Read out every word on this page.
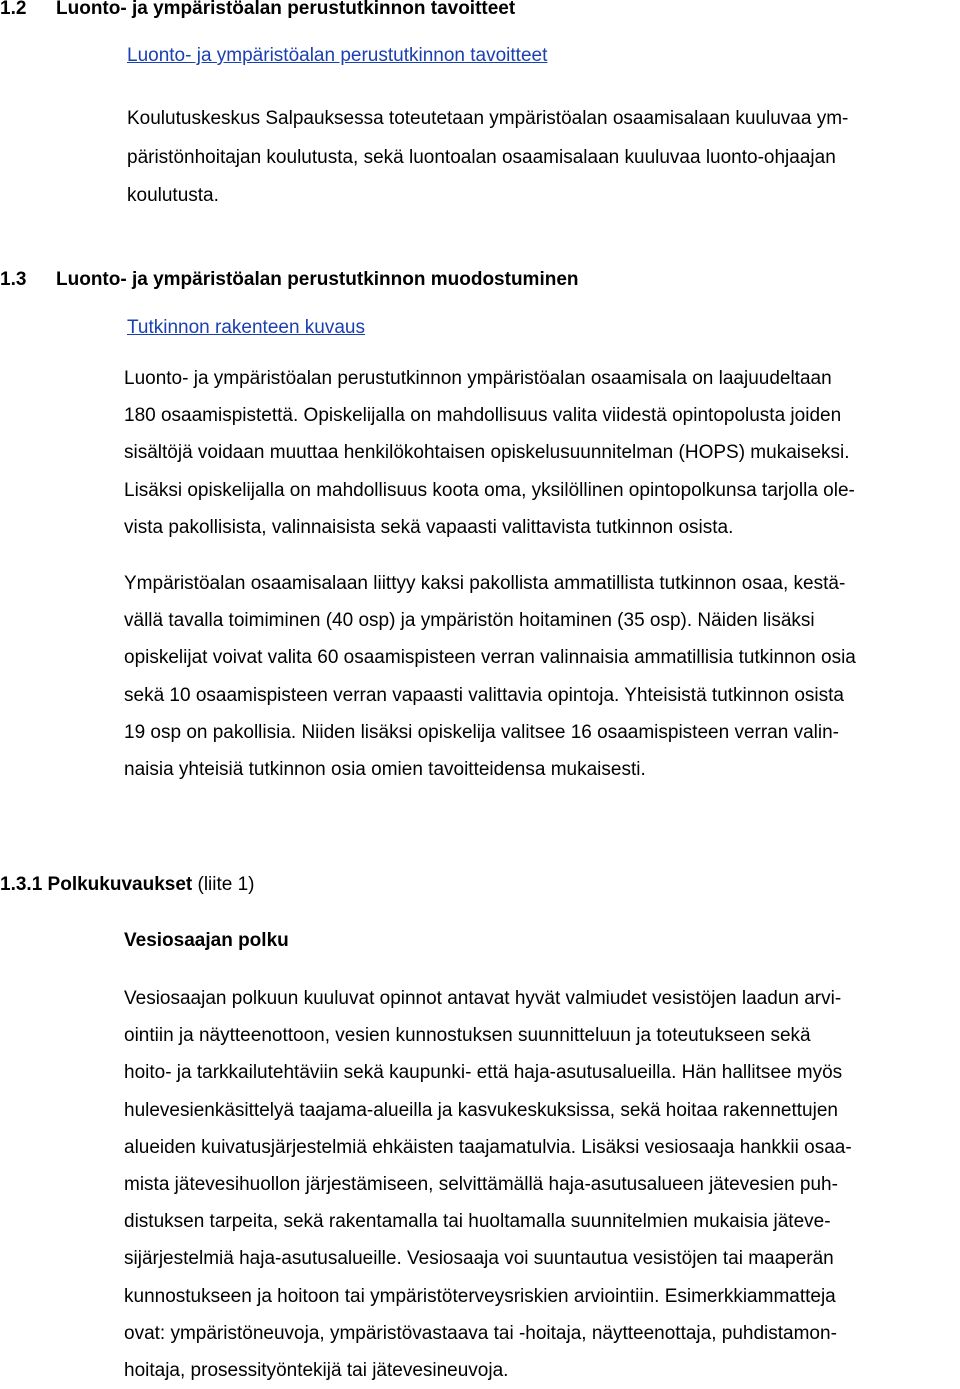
1.2 Luonto- ja ympäristöalan perustutkinnon tavoitteet
Luonto- ja ympäristöalan perustutkinnon tavoitteet
Koulutuskeskus Salpauksessa toteutetaan ympäristöalan osaamisalaan kuuluvaa ym-
päristönhoitajan koulutusta, sekä luontoalan osaamisalaan kuuluvaa luonto-ohjaajan
koulutusta.
1.3 Luonto- ja ympäristöalan perustutkinnon muodostuminen
Tutkinnon rakenteen kuvaus
Luonto- ja ympäristöalan perustutkinnon ympäristöalan osaamisala on laajuudeltaan
180 osaamispistettä. Opiskelijalla on mahdollisuus valita viidestä opintopolusta joiden
sisältöjä voidaan muuttaa henkilökohtaisen opiskelusuunnitelman (HOPS) mukaiseksi.
Lisäksi opiskelijalla on mahdollisuus koota oma, yksilöllinen opintopolkunsa tarjolla ole-
vista pakollisista, valinnaisista sekä vapaasti valittavista tutkinnon osista.
Ympäristöalan osaamisalaan liittyy kaksi pakollista ammatillista tutkinnon osaa, kestä-
vällä tavalla toimiminen (40 osp) ja ympäristön hoitaminen (35 osp). Näiden lisäksi
opiskelijat voivat valita 60 osaamispisteen verran valinnaisia ammatillisia tutkinnon osia
sekä 10 osaamispisteen verran vapaasti valittavia opintoja. Yhteisistä tutkinnon osista
19 osp on pakollisia. Niiden lisäksi opiskelija valitsee 16 osaamispisteen verran valin-
naisia yhteisiä tutkinnon osia omien tavoitteidensa mukaisesti.
1.3.1 Polkukuvaukset (liite 1)
Vesiosaajan polku
Vesiosaajan polkuun kuuluvat opinnot antavat hyvät valmiudet vesistöjen laadun arvi-
ointiin ja näytteenottoon, vesien kunnostuksen suunnitteluun ja toteutukseen sekä
hoito- ja tarkkailutehtäviin sekä kaupunki- että haja-asutusalueilla. Hän hallitsee myös
hulevesienkäsittelyä taajama-alueilla ja kasvukeskuksissa, sekä hoitaa rakennettujen
alueiden kuivatusjärjestelmiä ehkäisten taajamatulvia. Lisäksi vesiosaaja hankkii osaa-
mista jätevesihuollon järjestämiseen, selvittämällä haja-asutusalueen jätevesien puh-
distuksen tarpeita, sekä rakentamalla tai huoltamalla suunnitelmien mukaisia jäteve-
sijärjestelmiä haja-asutusalueille. Vesiosaaja voi suuntautua vesistöjen tai maaperän
kunnostukseen ja hoitoon tai ympäristöterveysriskien arviointiin. Esimerkkiammatteja
ovat: ympäristöneuvoja, ympäristövastaava tai -hoitaja, näytteenottaja, puhdistamon-
hoitaja, prosessityöntekijä tai jätevesineuvoja.
